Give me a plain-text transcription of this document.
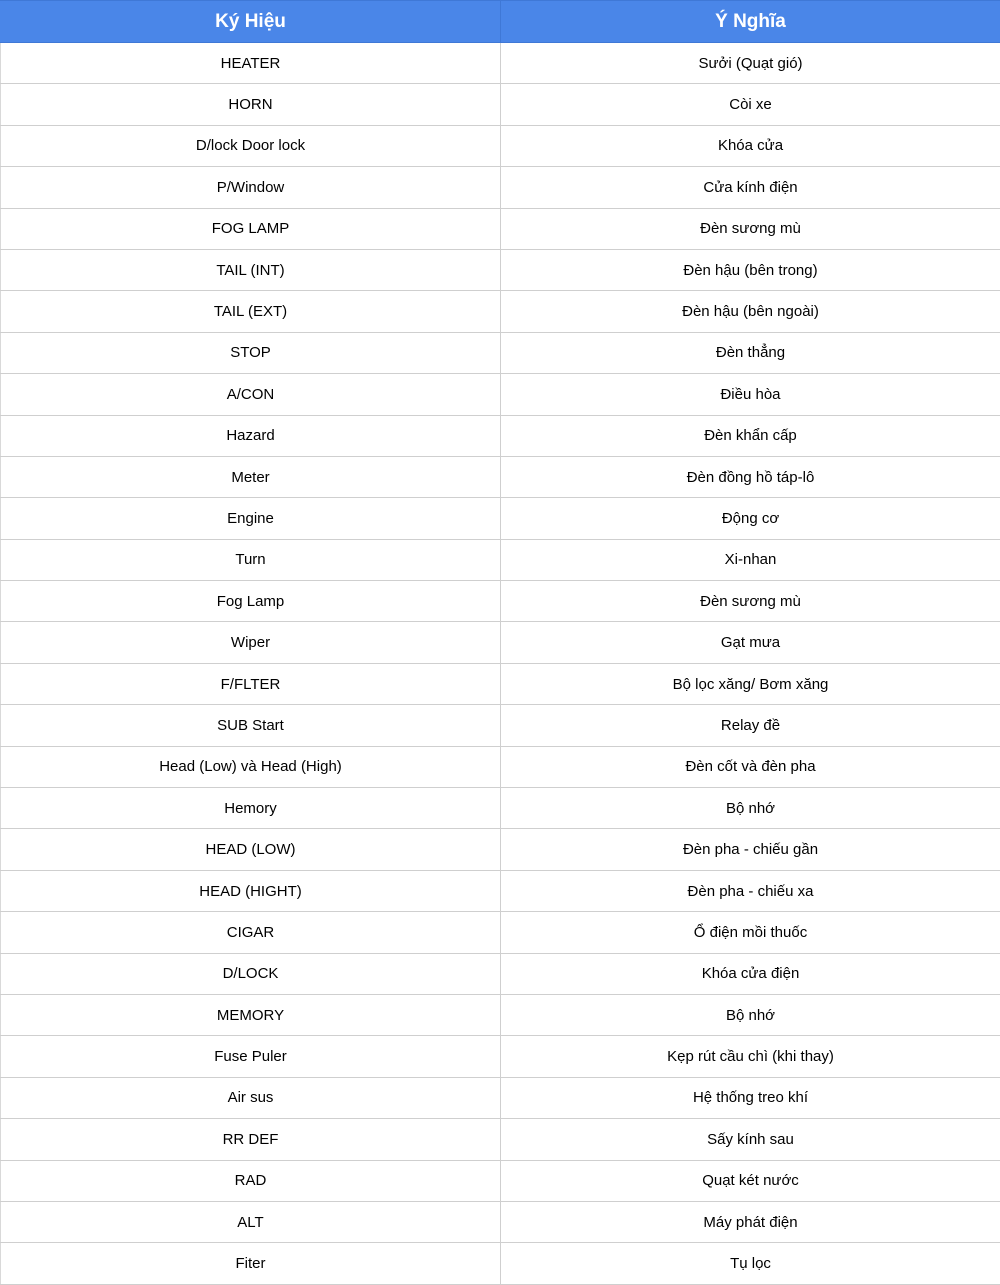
Ký Hiệu	Ý Nghĩa
HEATER	Sưởi (Quạt gió)
HORN	Còi xe
D/lock Door lock	Khóa cửa
P/Window	Cửa kính điện
FOG LAMP	Đèn sương mù
TAIL (INT)	Đèn hậu (bên trong)
TAIL (EXT)	Đèn hậu (bên ngoài)
STOP	Đèn thẳng
A/CON	Điều hòa
Hazard	Đèn khẩn cấp
Meter	Đèn đồng hồ táp-lô
Engine	Động cơ
Turn	Xi-nhan
Fog Lamp	Đèn sương mù
Wiper	Gạt mưa
F/FLTER	Bộ lọc xăng/ Bơm xăng
SUB Start	Relay đề
Head (Low) và Head (High)	Đèn cốt và đèn pha
Hemory	Bộ nhớ
HEAD (LOW)	Đèn pha - chiếu gần
HEAD (HIGHT)	Đèn pha - chiếu xa
CIGAR	Ổ điện mồi thuốc
D/LOCK	Khóa cửa điện
MEMORY	Bộ nhớ
Fuse Puler	Kẹp rút cầu chì (khi thay)
Air sus	Hệ thống treo khí
RR DEF	Sấy kính sau
RAD	Quạt két nước
ALT	Máy phát điện
Fiter	Tụ lọc
